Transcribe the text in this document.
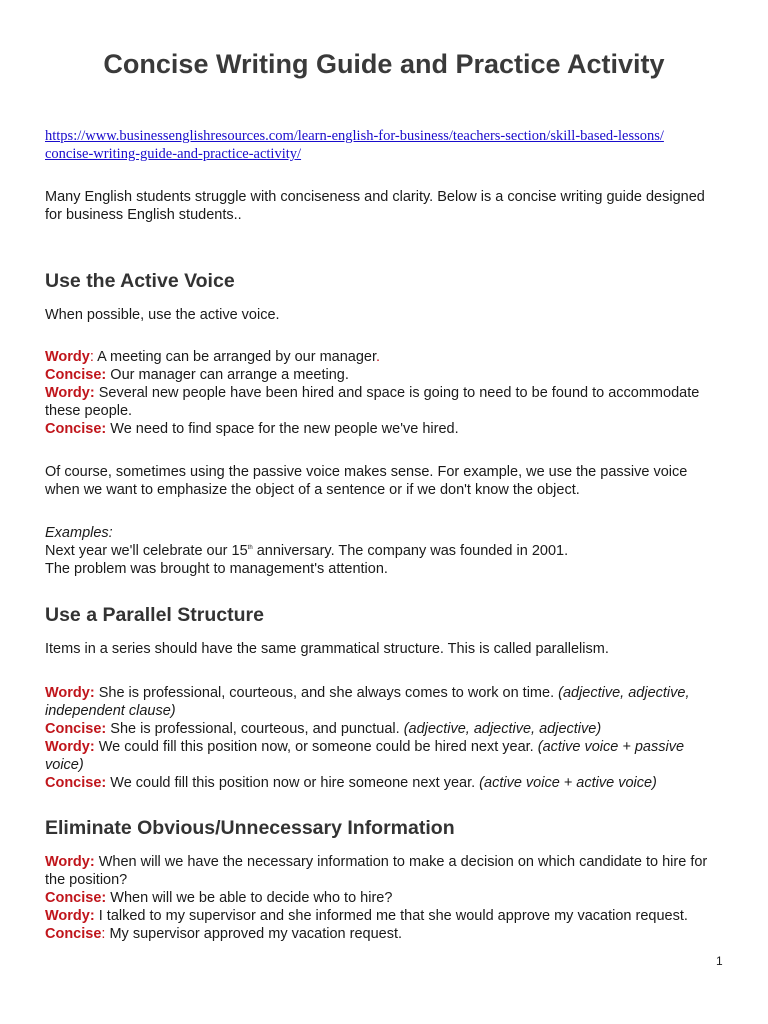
Concise Writing Guide and Practice Activity
https://www.businessenglishresources.com/learn-english-for-business/teachers-section/skill-based-lessons/
concise-writing-guide-and-practice-activity/

Many English students struggle with conciseness and clarity. Below is a concise writing guide designed for business English students..

Use the Active Voice

When possible, use the active voice.

Wordy: A meeting can be arranged by our manager.
Concise: Our manager can arrange a meeting.
Wordy: Several new people have been hired and space is going to need to be found to accommodate these people.
Concise: We need to find space for the new people we've hired.

Of course, sometimes using the passive voice makes sense. For example, we use the passive voice when we want to emphasize the object of a sentence or if we don't know the object.

Examples:
Next year we'll celebrate our 15th anniversary. The company was founded in 2001.
The problem was brought to management's attention.
Use a Parallel Structure

Items in a series should have the same grammatical structure. This is called parallelism.

Wordy: She is professional, courteous, and she always comes to work on time. (adjective, adjective, independent clause)
Concise: She is professional, courteous, and punctual. (adjective, adjective, adjective)
Wordy: We could fill this position now, or someone could be hired next year. (active voice + passive voice)
Concise: We could fill this position now or hire someone next year. (active voice + active voice)
Eliminate Obvious/Unnecessary Information
Wordy: When will we have the necessary information to make a decision on which candidate to hire for the position?
Concise: When will we be able to decide who to hire?
Wordy: I talked to my supervisor and she informed me that she would approve my vacation request.
Concise: My supervisor approved my vacation request.
1
